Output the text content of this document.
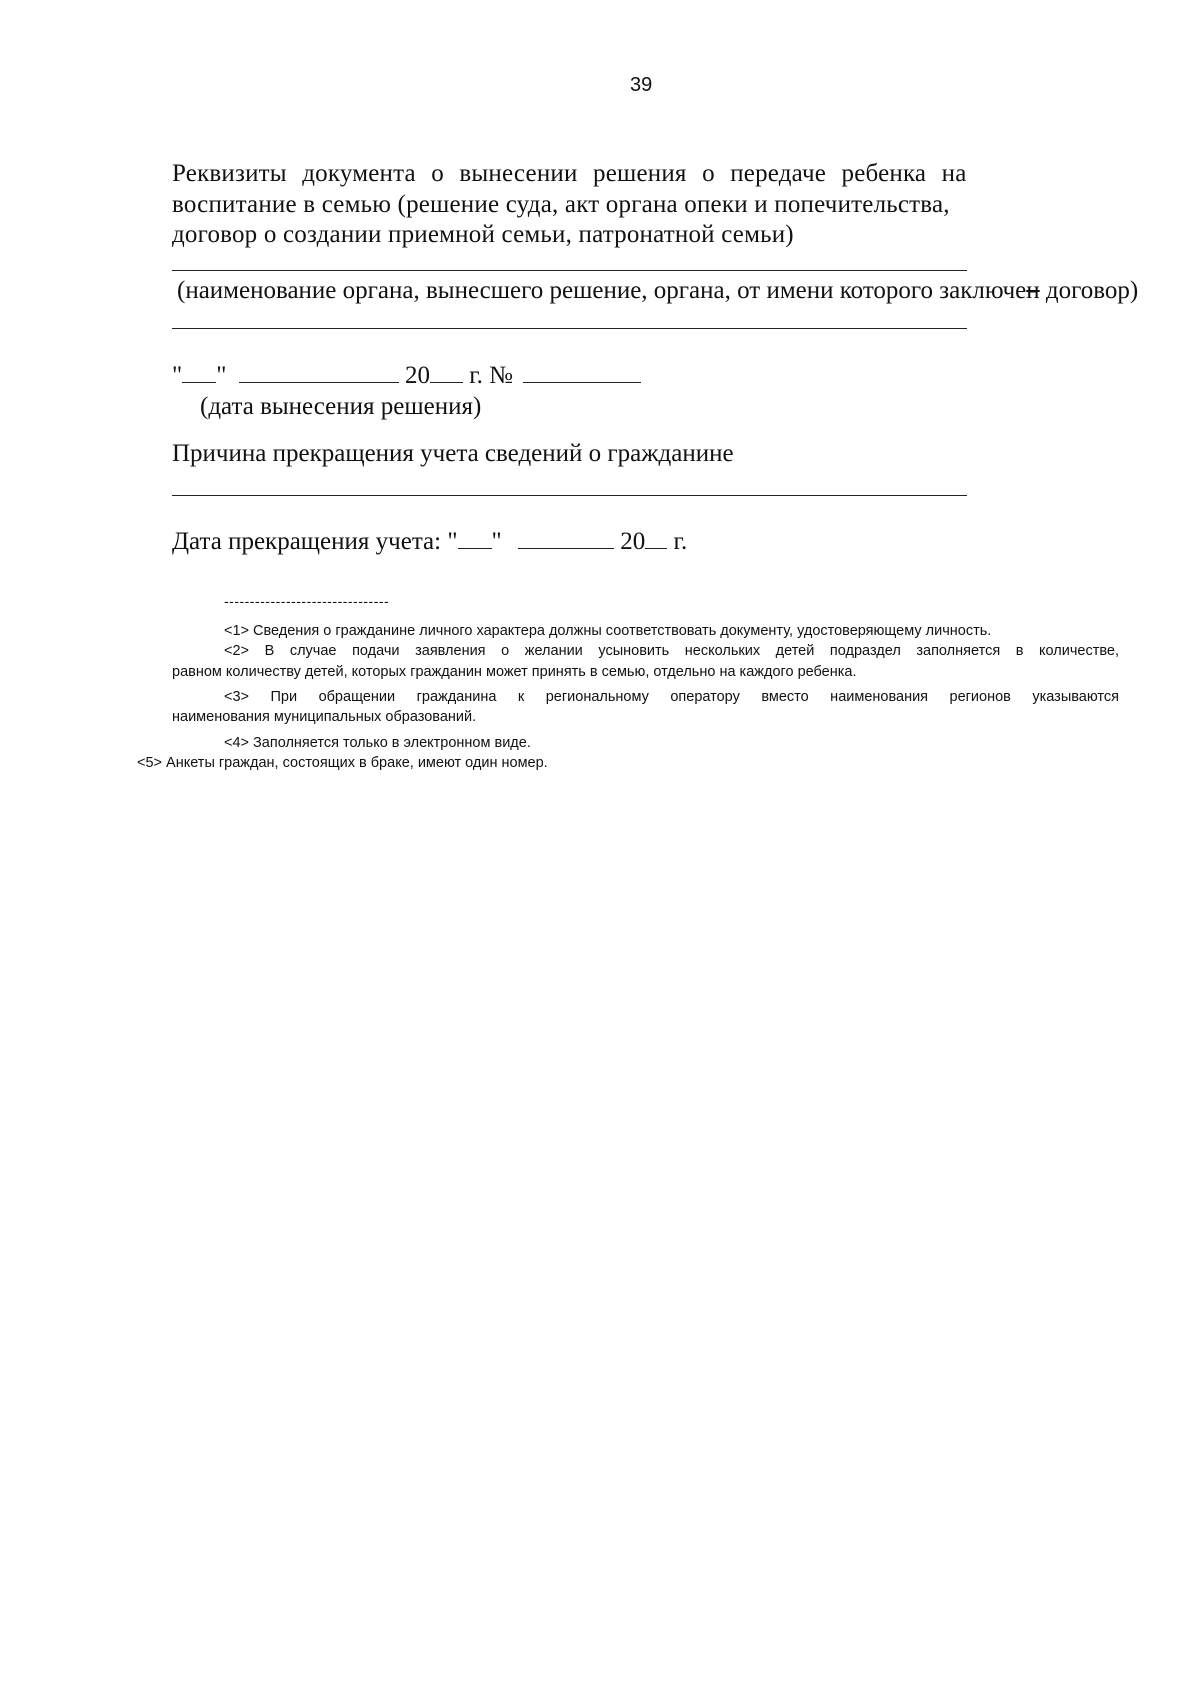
39
Реквизиты документа о вынесении решения о передаче ребенка на
воспитание в семью (решение суда, акт органа опеки и попечительства,
договор о создании приемной семьи, патронатной семьи)
(наименование органа, вынесшего решение, органа, от имени которого заключен договор)
" "	20 г. №
(дата вынесения решения)
Причина прекращения учета сведений о гражданине
Дата прекращения учета: " "	20 г.
--------------------------------
<1> Сведения о гражданине личного характера должны соответствовать документу, удостоверяющему личность.
<2> В случае подачи заявления о желании усыновить нескольких детей подраздел заполняется в количестве,
равном количеству детей, которых гражданин может принять в семью, отдельно на каждого ребенка.
<3> При обращении гражданина к региональному оператору вместо наименования регионов указываются
наименования муниципальных образований.
<4> Заполняется только в электронном виде.
<5> Анкеты граждан, состоящих в браке, имеют один номер.
